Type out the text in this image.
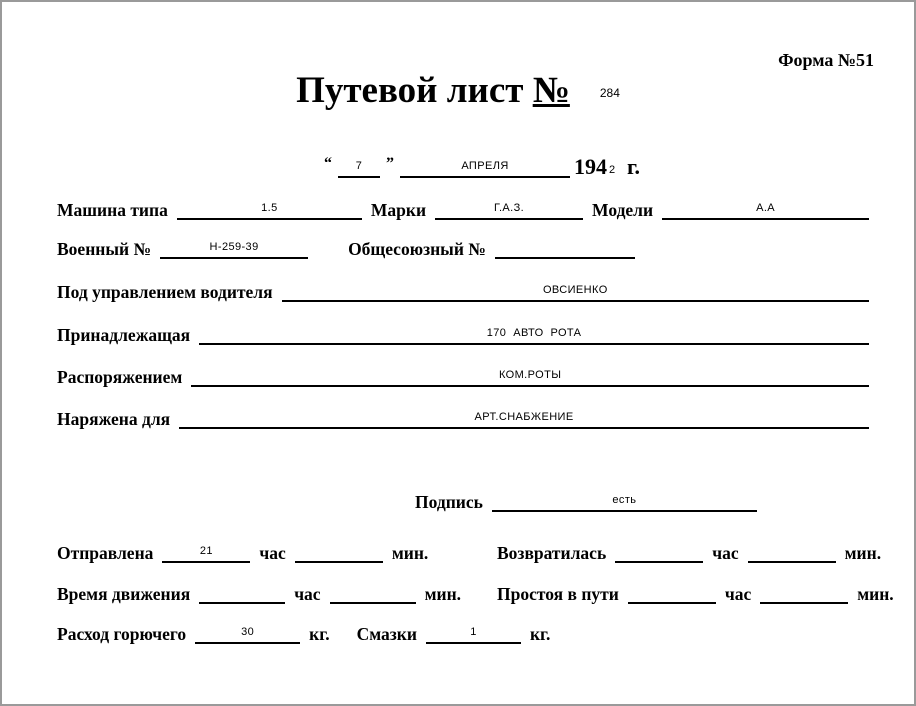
Форма №51
Путевой лист №	284
“	7	”	АПРЕЛЯ	194 2 г.
Машина типа	1.5	Марки	Г.А.З.	Модели	А.А
Военный №	Н-259-39	Общесоюзный №
Под управлением водителя	ОВСИЕНКО
Принадлежащая	170  АВТО  РОТА
Распоряжением	КОМ.РОТЫ
Наряжена для	АРТ.СНАБЖЕНИЕ
Подпись	есть
Отправлена	21	час	мин.	Возвратилась	час	мин.
Время движения	час	мин.	Простоя в пути	час	мин.
Расход горючего	30	кг.	Смазки	1	кг.
